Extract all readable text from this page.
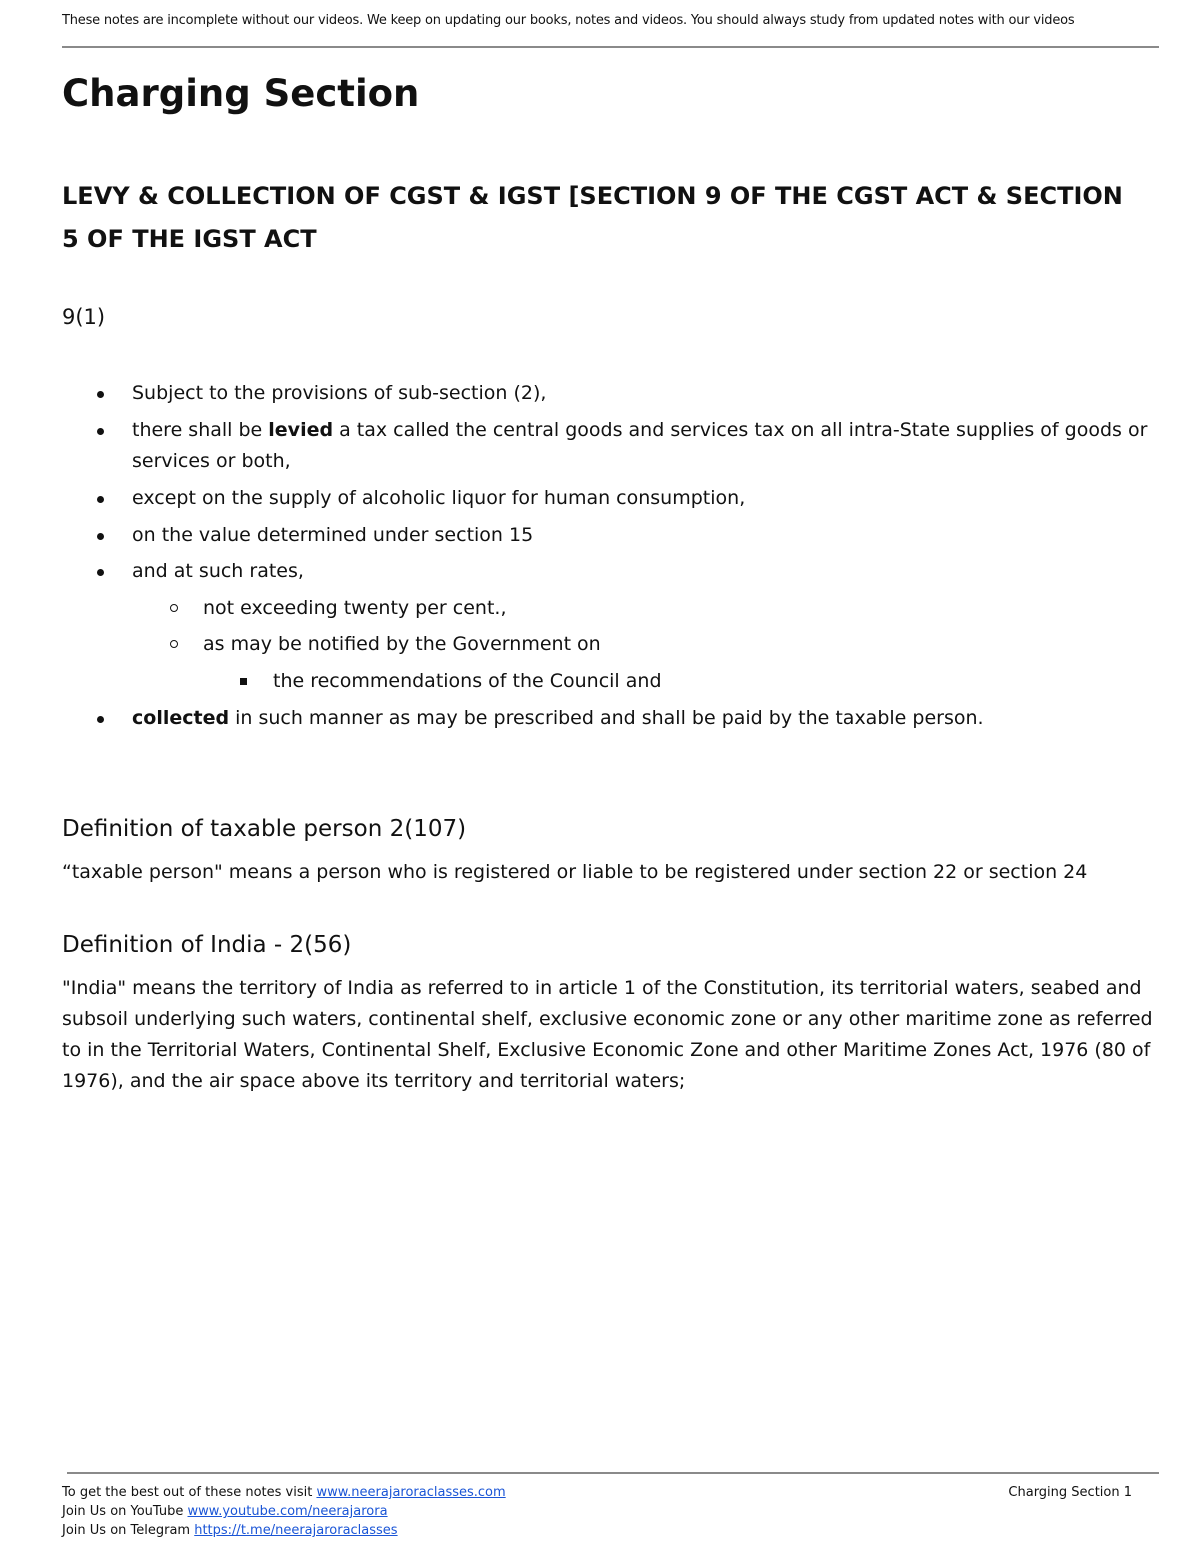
These notes are incomplete without our videos. We keep on updating our books, notes and videos. You should always study from updated notes with our videos
Charging Section
LEVY & COLLECTION OF CGST & IGST [SECTION 9 OF THE CGST ACT & SECTION 5 OF THE IGST ACT
9(1)
Subject to the provisions of sub-section (2),
there shall be levied a tax called the central goods and services tax on all intra-State supplies of goods or services or both,
except on the supply of alcoholic liquor for human consumption,
on the value determined under section 15
and at such rates,
not exceeding twenty per cent.,
as may be notified by the Government on
the recommendations of the Council and
collected in such manner as may be prescribed and shall be paid by the taxable person.
Definition of taxable person 2(107)

“taxable person" means a person who is registered or liable to be registered under section 22 or section 24

Definition of India - 2(56)

"India" means the territory of India as referred to in article 1 of the Constitution, its territorial waters, seabed and subsoil underlying such waters, continental shelf, exclusive economic zone or any other maritime zone as referred to in the Territorial Waters, Continental Shelf, Exclusive Economic Zone and other Maritime Zones Act, 1976 (80 of 1976), and the air space above its territory and territorial waters;

To get the best out of these notes visit www.neerajaroraclasses.com
Join Us on YouTube www.youtube.com/neerajarora
Join Us on Telegram https://t.me/neerajaroraclasses
Charging Section 1
